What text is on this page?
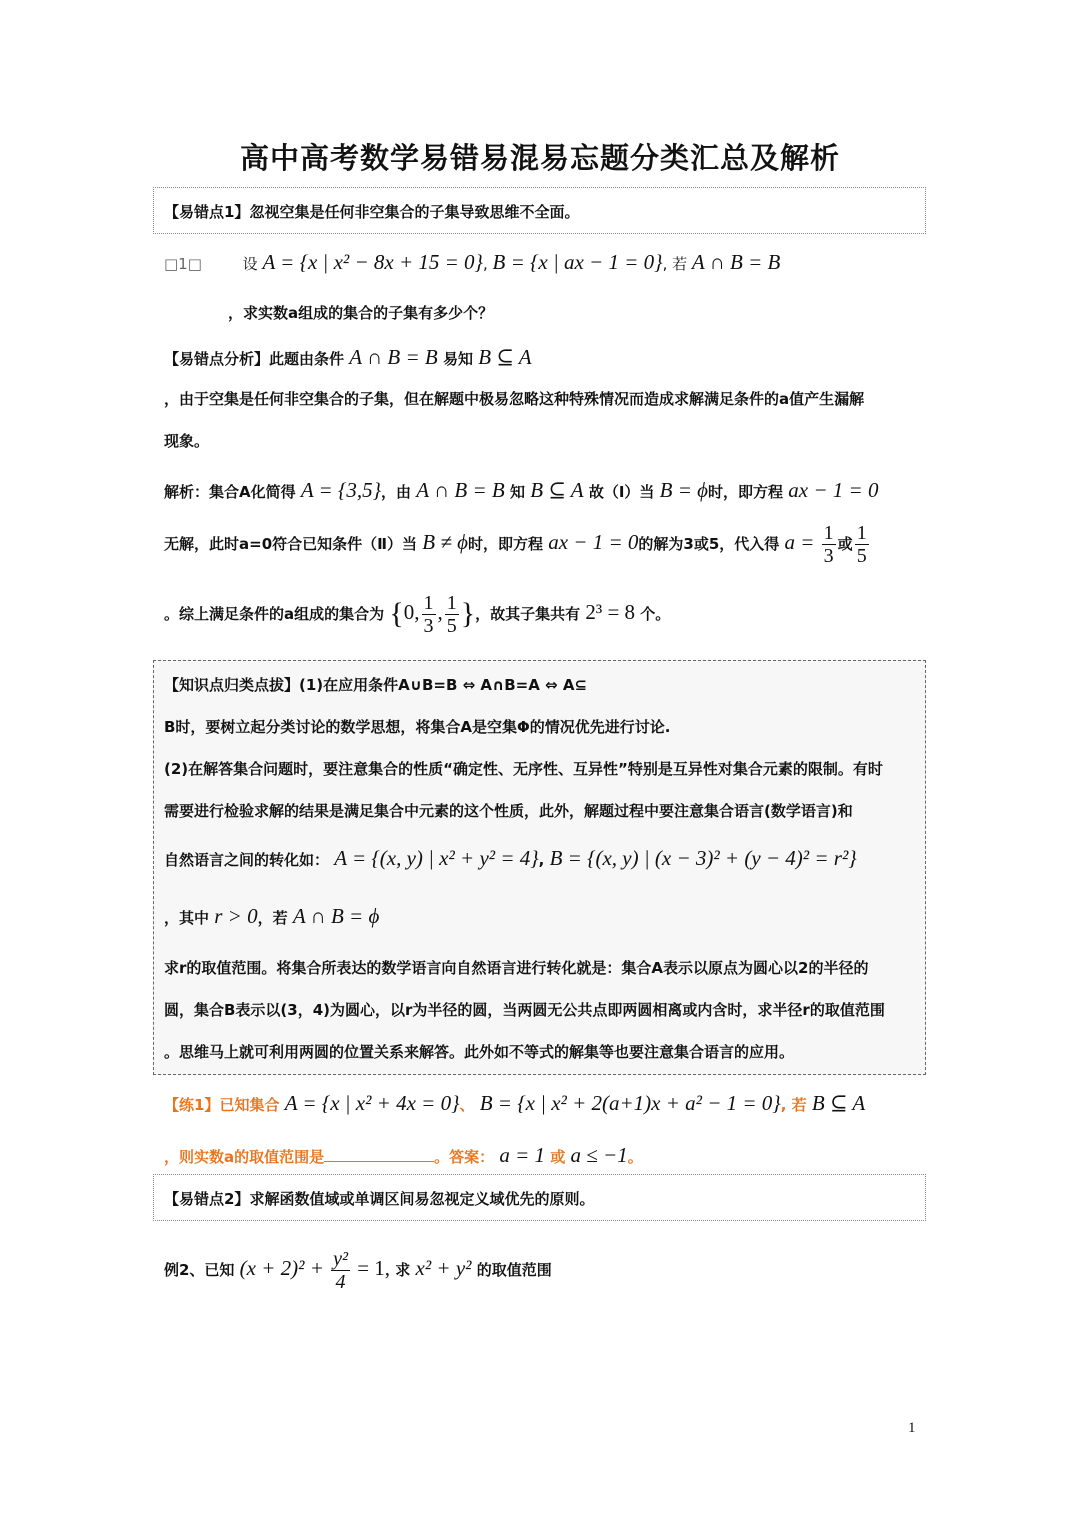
高中高考数学易错易混易忘题分类汇总及解析
【易错点1】忽视空集是任何非空集合的子集导致思维不全面。
□1□	设 A = {x | x² − 8x + 15 = 0}, B = {x | ax − 1 = 0}, 若 A ∩ B = B
，求实数a组成的集合的子集有多少个？
【易错点分析】此题由条件 A ∩ B = B 易知 B ⊆ A
，由于空集是任何非空集合的子集，但在解题中极易忽略这种特殊情况而造成求解满足条件的a值产生漏解
现象。
解析：集合A化简得 A = {3,5}，由 A ∩ B = B 知 B ⊆ A 故（Ⅰ）当 B = ϕ时，即方程 ax − 1 = 0
无解，此时a=0符合已知条件（Ⅱ）当 B ≠ ϕ时，即方程 ax − 1 = 0的解为3或5，代入得 $a = \frac{1}{3}$ 或 $\frac{1}{5}$
。综上满足条件的a组成的集合为 {0, $\frac{1}{3}$ , $\frac{1}{5}$ }，故其子集共有 2³ = 8 个。
【知识点归类点拔】(1)在应用条件A∪B=B ⇔ A∩B=A ⇔ A⊆
B时，要树立起分类讨论的数学思想，将集合A是空集Φ的情况优先进行讨论.
(2)在解答集合问题时，要注意集合的性质“确定性、无序性、互异性”特别是互异性对集合元素的限制。有时
需要进行检验求解的结果是满足集合中元素的这个性质，此外，解题过程中要注意集合语言(数学语言)和
自然语言之间的转化如： A = {(x, y) | x² + y² = 4}, B = {(x, y) | (x − 3)² + (y − 4)² = r²}
，其中 r > 0，若 A ∩ B = ϕ
求r的取值范围。将集合所表达的数学语言向自然语言进行转化就是：集合A表示以原点为圆心以2的半径的
圆，集合B表示以(3，4)为圆心，以r为半径的圆，当两圆无公共点即两圆相离或内含时，求半径r的取值范围
。思维马上就可利用两圆的位置关系来解答。此外如不等式的解集等也要注意集合语言的应用。
【练1】已知集合 A = {x | x² + 4x = 0}、 B = {x | x² + 2(a+1)x + a² − 1 = 0}, 若 B ⊆ A
，则实数a的取值范围是	。答案： a = 1 或 a ≤ −1。
【易错点2】求解函数值域或单调区间易忽视定义域优先的原则。
例2、已知 $(x + 2)^2 + \frac{\text{y²}}{4} = 1$, 求 x² + y² 的取值范围
1
